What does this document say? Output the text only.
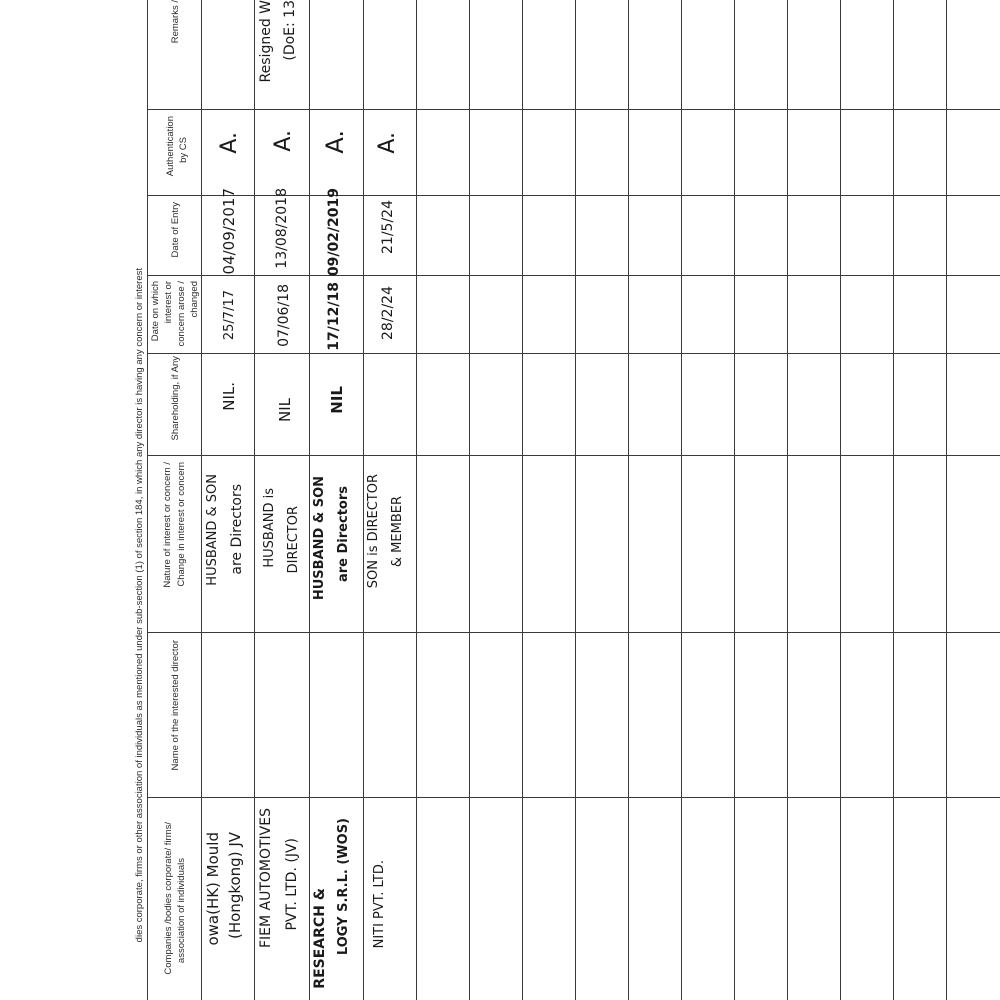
dies corporate, firms or other association of individuals as mentioned under sub-section (1) of section 184, in which any director is having any concern or interest Companies /bodies corporate/ firms/ association of individuals
Name of the interested director
Nature of interest or concern / Change in interest or concern
Shareholding, if Any
Date on which interest or concern arose / changed
Date of Entry
Authentication by CS
Remarks /
owa(HK) Mould (Hongkong) JV
HUSBAND & SON are Directors
NIL.
25/7/17
04/09/2017
A.
FIEM AUTOMOTIVES PVT. LTD. (JV)
HUSBAND is DIRECTOR
NIL
07/06/18
13/08/2018
A.
Resigned W (DoE: 13
RESEARCH & LOGY S.R.L. (WOS)
HUSBAND & SON are Directors
NIL
17/12/18
09/02/2019
A.
NITI PVT. LTD.
SON is DIRECTOR & MEMBER
28/2/24
21/5/24
A.
